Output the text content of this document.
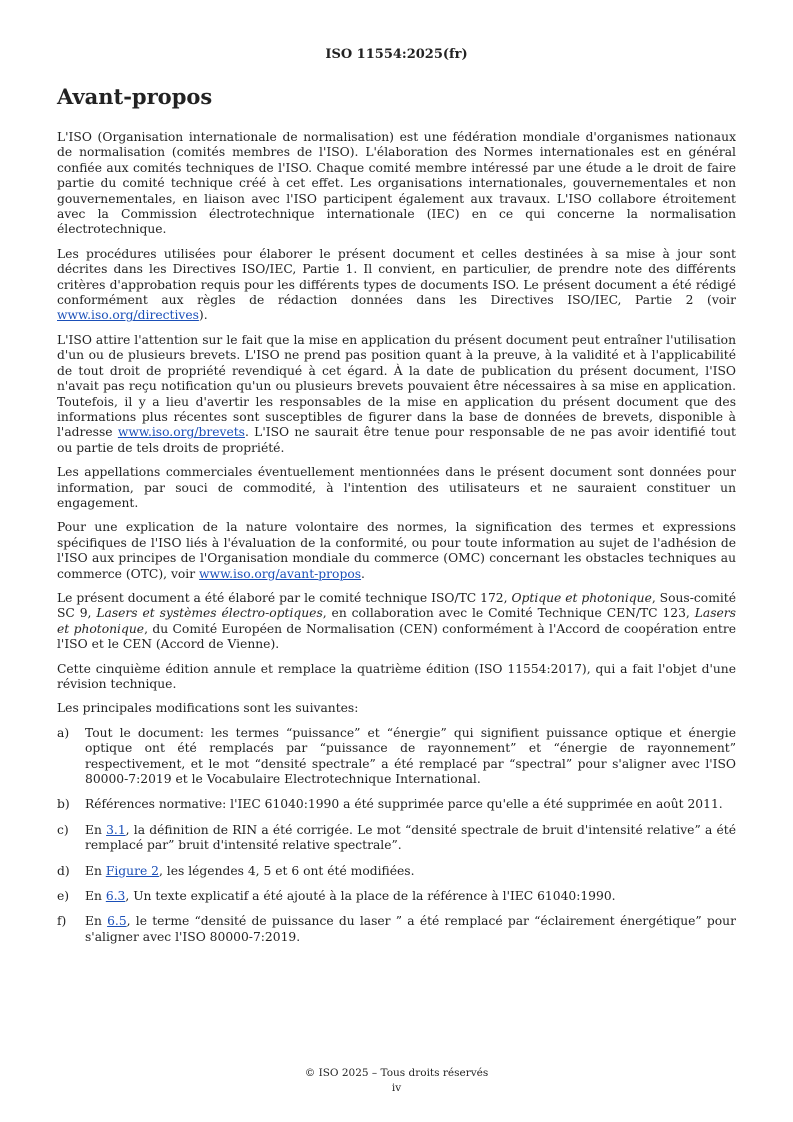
ISO 11554:2025(fr)
Avant-propos

L'ISO (Organisation internationale de normalisation) est une fédération mondiale d'organismes nationaux de normalisation (comités membres de l'ISO). L'élaboration des Normes internationales est en général confiée aux comités techniques de l'ISO. Chaque comité membre intéressé par une étude a le droit de faire partie du comité technique créé à cet effet. Les organisations internationales, gouvernementales et non gouvernementales, en liaison avec l'ISO participent également aux travaux. L'ISO collabore étroitement avec la Commission électrotechnique internationale (IEC) en ce qui concerne la normalisation électrotechnique.

Les procédures utilisées pour élaborer le présent document et celles destinées à sa mise à jour sont décrites dans les Directives ISO/IEC, Partie 1. Il convient, en particulier, de prendre note des différents critères d'approbation requis pour les différents types de documents ISO. Le présent document a été rédigé conformément aux règles de rédaction données dans les Directives ISO/IEC, Partie 2 (voir www.iso.org/directives).

L'ISO attire l'attention sur le fait que la mise en application du présent document peut entraîner l'utilisation d'un ou de plusieurs brevets. L'ISO ne prend pas position quant à la preuve, à la validité et à l'applicabilité de tout droit de propriété revendiqué à cet égard. À la date de publication du présent document, l'ISO n'avait pas reçu notification qu'un ou plusieurs brevets pouvaient être nécessaires à sa mise en application. Toutefois, il y a lieu d'avertir les responsables de la mise en application du présent document que des informations plus récentes sont susceptibles de figurer dans la base de données de brevets, disponible à l'adresse www.iso.org/brevets. L'ISO ne saurait être tenue pour responsable de ne pas avoir identifié tout ou partie de tels droits de propriété.

Les appellations commerciales éventuellement mentionnées dans le présent document sont données pour information, par souci de commodité, à l'intention des utilisateurs et ne sauraient constituer un engagement.

Pour une explication de la nature volontaire des normes, la signification des termes et expressions spécifiques de l'ISO liés à l'évaluation de la conformité, ou pour toute information au sujet de l'adhésion de l'ISO aux principes de l'Organisation mondiale du commerce (OMC) concernant les obstacles techniques au commerce (OTC), voir www.iso.org/avant-propos.

Le présent document a été élaboré par le comité technique ISO/TC 172, Optique et photonique, Sous-comité SC 9, Lasers et systèmes électro-optiques, en collaboration avec le Comité Technique CEN/TC 123, Lasers et photonique, du Comité Européen de Normalisation (CEN) conformément à l'Accord de coopération entre l'ISO et le CEN (Accord de Vienne).

Cette cinquième édition annule et remplace la quatrième édition (ISO 11554:2017), qui a fait l'objet d'une révision technique.

Les principales modifications sont les suivantes:

a) Tout le document: les termes “puissance” et “énergie” qui signifient puissance optique et énergie optique ont été remplacés par “puissance de rayonnement” et “énergie de rayonnement” respectivement, et le mot “densité spectrale” a été remplacé par “spectral” pour s'aligner avec l'ISO 80000-7:2019 et le Vocabulaire Electrotechnique International.
b) Références normative: l'IEC 61040:1990 a été supprimée parce qu'elle a été supprimée en août 2011.
c) En 3.1, la définition de RIN a été corrigée. Le mot “densité spectrale de bruit d'intensité relative” a été remplacé par” bruit d'intensité relative spectrale”.
d) En Figure 2, les légendes 4, 5 et 6 ont été modifiées.
e) En 6.3, Un texte explicatif a été ajouté à la place de la référence à l'IEC 61040:1990.
f) En 6.5, le terme “densité de puissance du laser ” a été remplacé par “éclairement énergétique” pour s'aligner avec l'ISO 80000-7:2019.
© ISO 2025 – Tous droits réservés
iv
